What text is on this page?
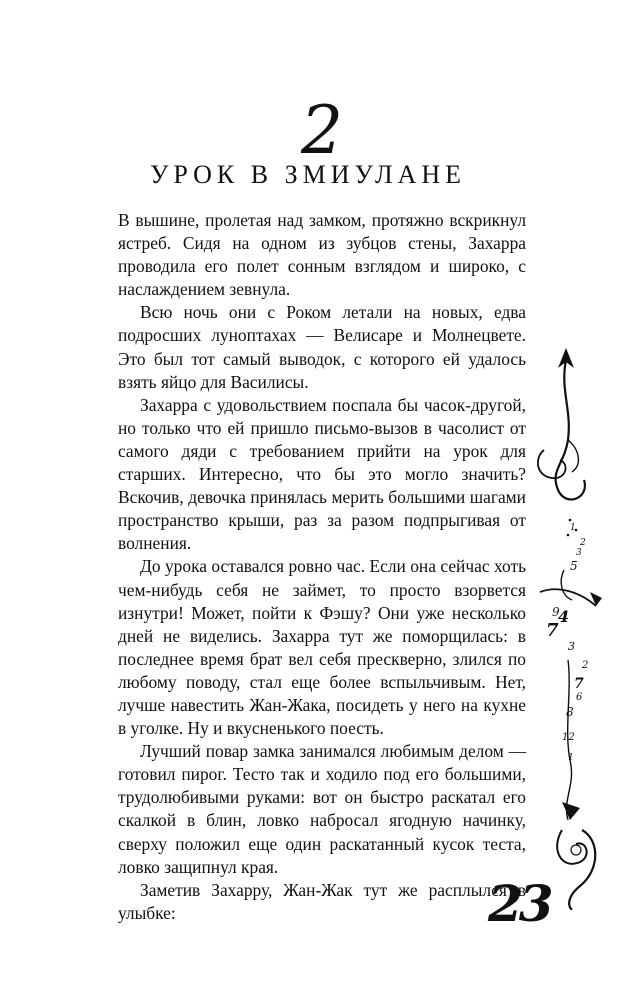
2
УРОК В ЗМИУЛАНЕ

В вышине, пролетая над замком, протяжно вскрикнул ястреб. Сидя на одном из зубцов стены, Захарра проводила его полет сонным взглядом и широко, с наслаждением зевнула.

Всю ночь они с Роком летали на новых, едва подросших лунoптахах — Велисаре и Молнецвете. Это был тот самый выводок, с которого ей удалось взять яйцо для Василисы.

Захарра с удовольствием поспала бы часок-другой, но только что ей пришло письмо-вызов в часолист от самого дяди с требованием прийти на урок для старших. Интересно, что бы это могло значить? Вскочив, девочка принялась мерить большими шагами пространство крыши, раз за разом подпрыгивая от волнения.

До урока оставался ровно час. Если она сейчас хоть чем-нибудь себя не займет, то просто взорвется изнутри! Может, пойти к Фэшу? Они уже несколько дней не виделись. Захарра тут же поморщилась: в последнее время брат вел себя прескверно, злился по любому поводу, стал еще более вспыльчивым. Нет, лучше навестить Жан-Жака, посидеть у него на кухне в уголке. Ну и вкусненького поесть.

Лучший повар замка занимался любимым делом — готовил пирог. Тесто так и ходило под его большими, трудолюбивыми руками: вот он быстро раскатал его скалкой в блин, ловко набросал ягодную начинку, сверху положил еще один раскатанный кусок теста, ловко защипнул края.

Заметив Захарру, Жан-Жак тут же расплылся в улыбке:

1
2
3
5
9
4
7
3
2
7
6
8
12
1
23
